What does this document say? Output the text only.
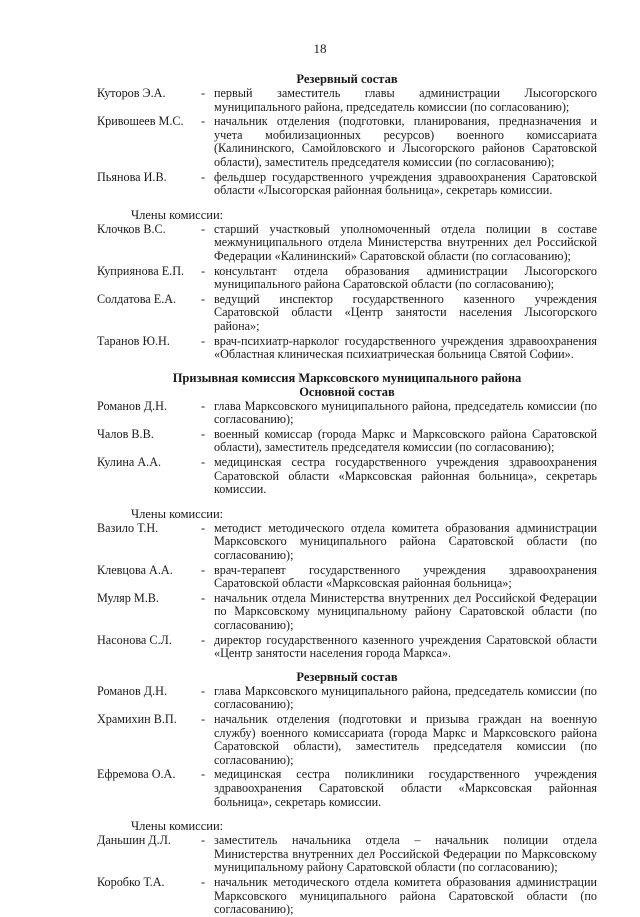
18
Резервный состав
Куторов Э.А.	- первый заместитель главы администрации Лысогорского муниципального района, председатель комиссии (по согласованию);
Кривошеев М.С.	- начальник отделения (подготовки, планирования, предназначения и учета мобилизационных ресурсов) военного комиссариата (Калининского, Самойловского и Лысогорского районов Саратовской области), заместитель председателя комиссии (по согласованию);
Пьянова И.В.	- фельдшер государственного учреждения здравоохранения Саратовской области «Лысогорская районная больница», секретарь комиссии.
Члены комиссии:
Клочков В.С.	- старший участковый уполномоченный отдела полиции в составе межмуниципального отдела Министерства внутренних дел Российской Федерации «Калининский» Саратовской области (по согласованию);
Куприянова Е.П.	- консультант отдела образования администрации Лысогорского муниципального района Саратовской области (по согласованию);
Солдатова Е.А.	- ведущий инспектор государственного казенного учреждения Саратовской области «Центр занятости населения Лысогорского района»;
Таранов Ю.Н.	- врач-психиатр-нарколог государственного учреждения здравоохранения «Областная клиническая психиатрическая больница Святой Софии».
Призывная комиссия Марксовского муниципального района
Основной состав
Романов Д.Н.	- глава Марксовского муниципального района, председатель комиссии (по согласованию);
Чалов В.В.	- военный комиссар (города Маркс и Марксовского района Саратовской области), заместитель председателя комиссии (по согласованию);
Кулина А.А.	- медицинская сестра государственного учреждения здравоохранения Саратовской области «Марксовская районная больница», секретарь комиссии.
Члены комиссии:
Вазило Т.Н.	- методист методического отдела комитета образования администрации Марксовского муниципального района Саратовской области (по согласованию);
Клевцова А.А.	- врач-терапевт государственного учреждения здравоохранения Саратовской области «Марксовская районная больница»;
Муляр М.В.	- начальник отдела Министерства внутренних дел Российской Федерации по Марксовскому муниципальному району Саратовской области (по согласованию);
Насонова С.Л.	- директор государственного казенного учреждения Саратовской области «Центр занятости населения города Маркса».
Резервный состав
Романов Д.Н.	- глава Марксовского муниципального района, председатель комиссии (по согласованию);
Храмихин В.П.	- начальник отделения (подготовки и призыва граждан на военную службу) военного комиссариата (города Маркс и Марксовского района Саратовской области), заместитель председателя комиссии (по согласованию);
Ефремова О.А.	- медицинская сестра поликлиники государственного учреждения здравоохранения Саратовской области «Марксовская районная больница», секретарь комиссии.
Члены комиссии:
Даньшин Д.Л.	- заместитель начальника отдела – начальник полиции отдела Министерства внутренних дел Российской Федерации по Марксовскому муниципальному району Саратовской области (по согласованию);
Коробко Т.А.	- начальник методического отдела комитета образования администрации Марксовского муниципального района Саратовской области (по согласованию);
